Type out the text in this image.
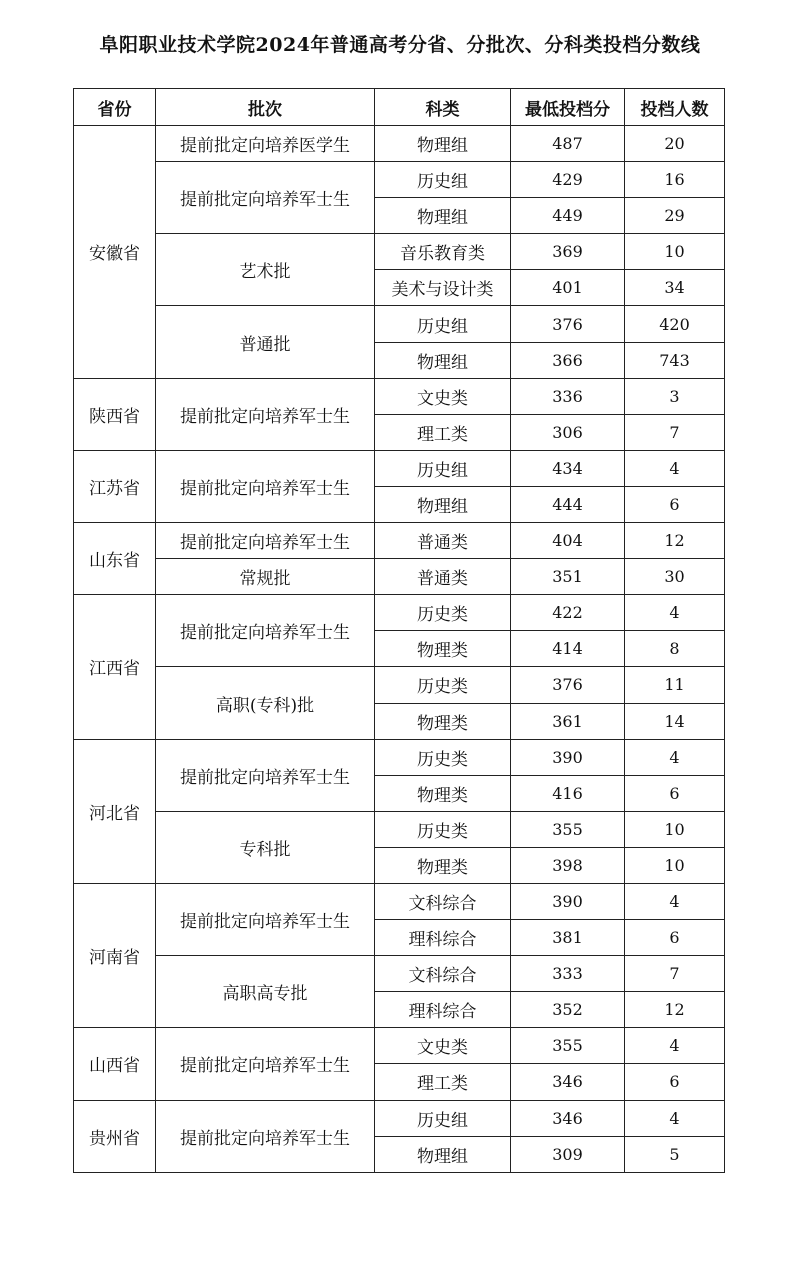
阜阳职业技术学院2024年普通高考分省、分批次、分科类投档分数线
省份	批次	科类	最低投档分	投档人数
安徽省	提前批定向培养医学生	物理组	487	20
	提前批定向培养军士生	历史组	429	16
		物理组	449	29
	艺术批	音乐教育类	369	10
		美术与设计类	401	34
	普通批	历史组	376	420
		物理组	366	743
陕西省	提前批定向培养军士生	文史类	336	3
		理工类	306	7
江苏省	提前批定向培养军士生	历史组	434	4
		物理组	444	6
山东省	提前批定向培养军士生	普通类	404	12
	常规批	普通类	351	30
江西省	提前批定向培养军士生	历史类	422	4
		物理类	414	8
	高职(专科)批	历史类	376	11
		物理类	361	14
河北省	提前批定向培养军士生	历史类	390	4
		物理类	416	6
	专科批	历史类	355	10
		物理类	398	10
河南省	提前批定向培养军士生	文科综合	390	4
		理科综合	381	6
	高职高专批	文科综合	333	7
		理科综合	352	12
山西省	提前批定向培养军士生	文史类	355	4
		理工类	346	6
贵州省	提前批定向培养军士生	历史组	346	4
		物理组	309	5
